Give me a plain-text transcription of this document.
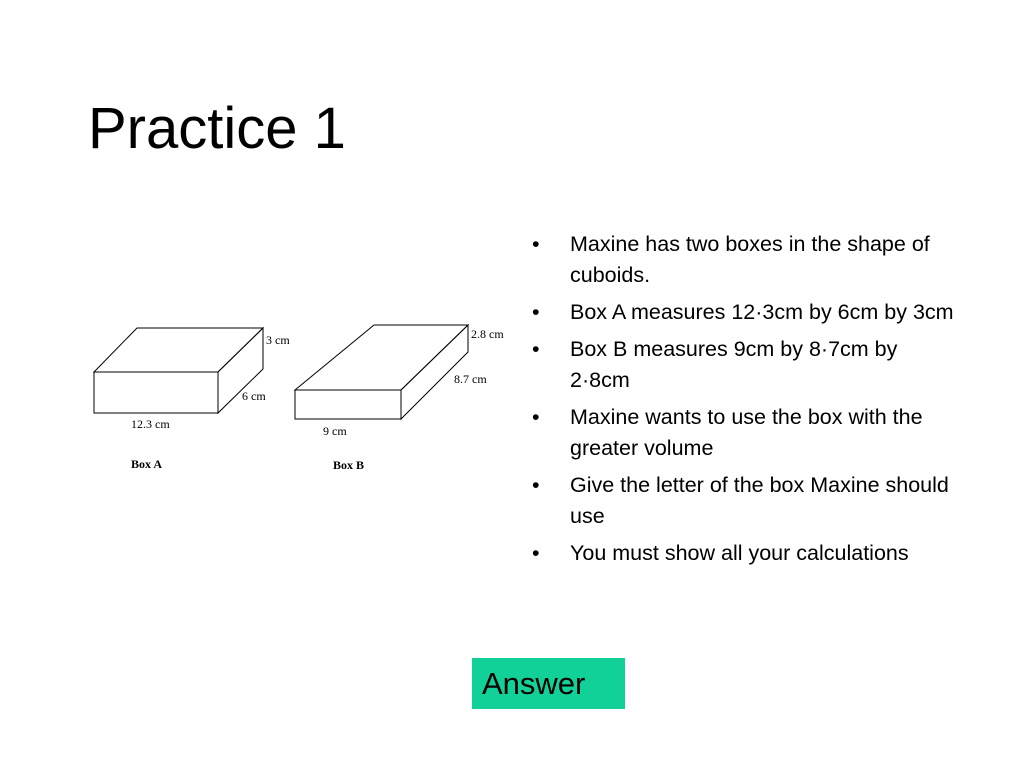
Practice 1
3 cm
6 cm
12.3 cm
Box A
2.8 cm
8.7 cm
9 cm
Box B
•	Maxine has two boxes in the shape of cuboids.
•	Box A measures 12·3cm by 6cm by 3cm
•	Box B measures 9cm by 8·7cm by 2·8cm
•	Maxine wants to use the box with the greater volume
•	Give the letter of the box Maxine should use
•	You must show all your calculations
Answer
